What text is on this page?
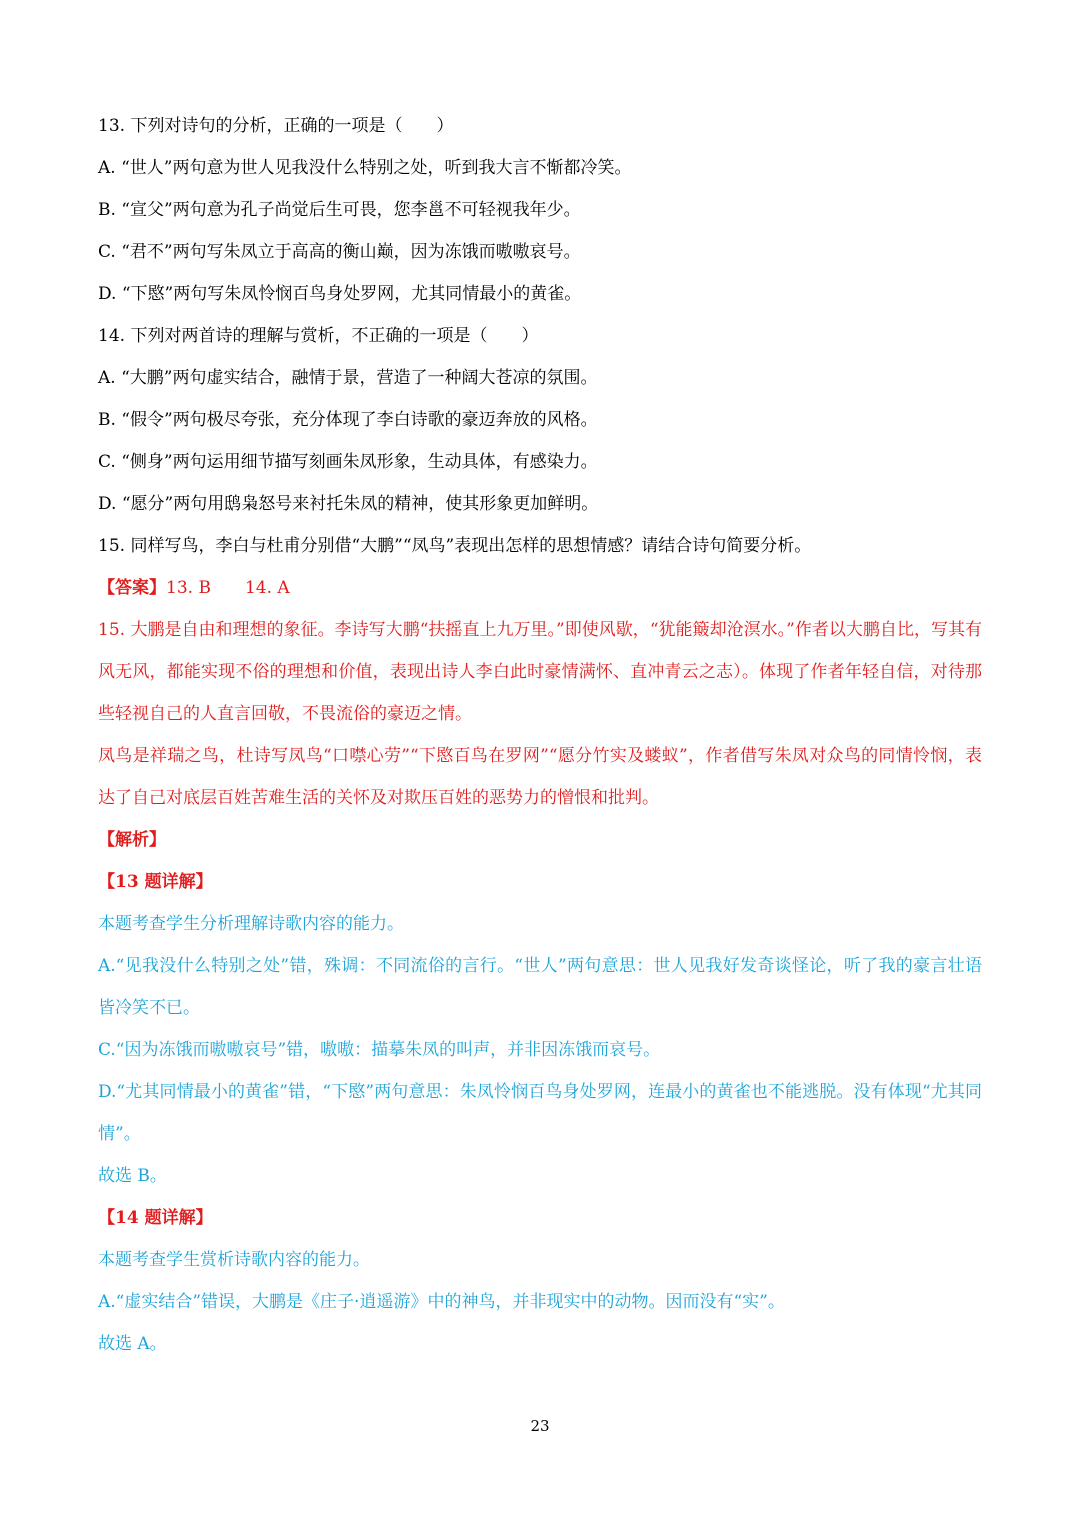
13. 下列对诗句的分析，正确的一项是（　　）
A. “世人”两句意为世人见我没什么特别之处，听到我大言不惭都冷笑。
B. “宣父”两句意为孔子尚觉后生可畏，您李邕不可轻视我年少。
C. “君不”两句写朱凤立于高高的衡山巅，因为冻饿而嗷嗷哀号。
D. “下愍”两句写朱凤怜悯百鸟身处罗网，尤其同情最小的黄雀。
14. 下列对两首诗的理解与赏析，不正确的一项是（　　）
A. “大鹏”两句虚实结合，融情于景，营造了一种阔大苍凉的氛围。
B. “假令”两句极尽夸张，充分体现了李白诗歌的豪迈奔放的风格。
C. “侧身”两句运用细节描写刻画朱凤形象，生动具体，有感染力。
D. “愿分”两句用鸱枭怒号来衬托朱凤的精神，使其形象更加鲜明。
15. 同样写鸟，李白与杜甫分别借“大鹏”“凤鸟”表现出怎样的思想情感？请结合诗句简要分析。
【答案】13. B 14. A
15. 大鹏是自由和理想的象征。李诗写大鹏“扶摇直上九万里。”即使风歇，“犹能簸却沧溟水。”作者以大鹏自比，写其有风无风，都能实现不俗的理想和价值，表现出诗人李白此时豪情满怀、直冲青云之志）。体现了作者年轻自信，对待那些轻视自己的人直言回敬，不畏流俗的豪迈之情。
凤鸟是祥瑞之鸟，杜诗写凤鸟“口噤心劳”“下愍百鸟在罗网”“愿分竹实及蝼蚁”，作者借写朱凤对众鸟的同情怜悯，表达了自己对底层百姓苦难生活的关怀及对欺压百姓的恶势力的憎恨和批判。
【解析】
【13 题详解】
本题考查学生分析理解诗歌内容的能力。
A.“见我没什么特别之处”错，殊调：不同流俗的言行。“世人”两句意思：世人见我好发奇谈怪论，听了我的豪言壮语皆冷笑不已。
C.“因为冻饿而嗷嗷哀号”错，嗷嗷：描摹朱凤的叫声，并非因冻饿而哀号。
D.“尤其同情最小的黄雀”错，“下愍”两句意思：朱凤怜悯百鸟身处罗网，连最小的黄雀也不能逃脱。没有体现“尤其同情”。
故选 B。
【14 题详解】
本题考查学生赏析诗歌内容的能力。
A.“虚实结合”错误，大鹏是《庄子·逍遥游》中的神鸟，并非现实中的动物。因而没有“实”。
故选 A。
23
